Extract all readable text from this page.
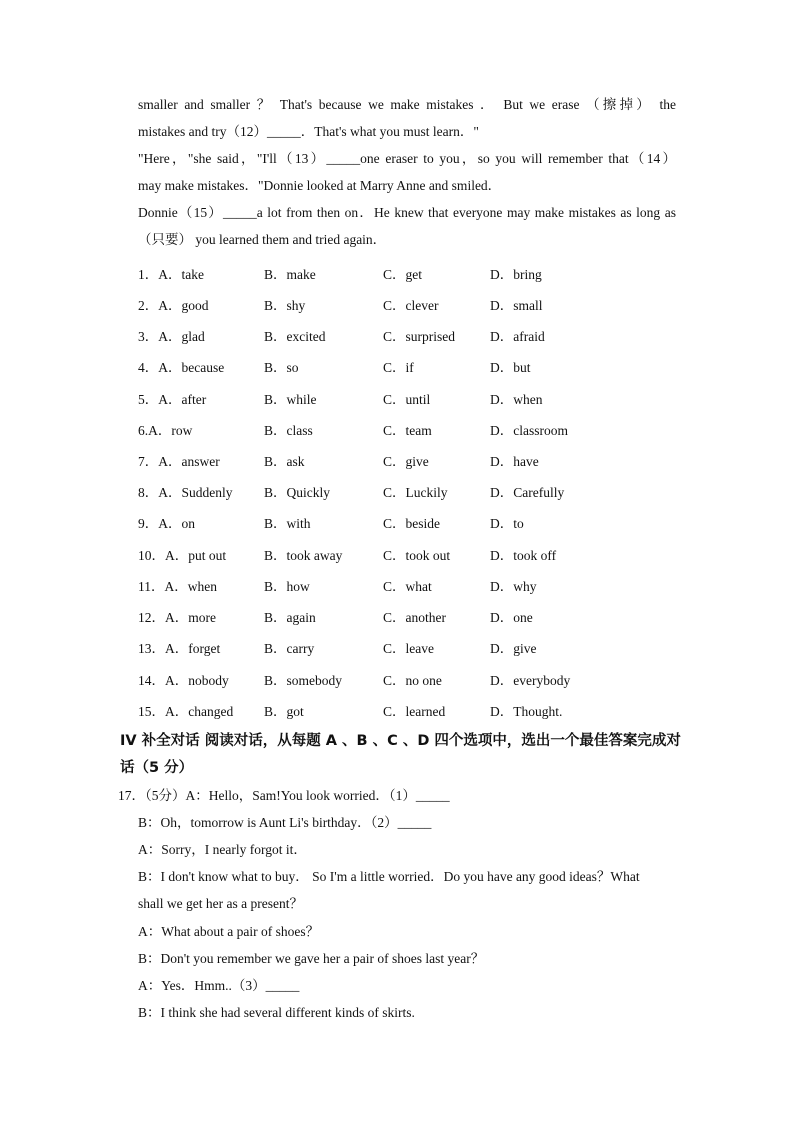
smaller and smaller ？ That's because we make mistakes ． But we erase （擦掉） the
mistakes and try（12）_____．That's what you must learn．"
"Here，"she said，"I'll（13）_____one eraser to you，so you will remember that（14）
may make mistakes．"Donnie looked at Marry Anne and smiled．
Donnie（15）_____a lot from then on．He knew that everyone may make mistakes as long as
（只要） you learned them and tried again．
1．A．take	B．make	C．get	D．bring
2．A．good	B．shy	C．clever	D．small
3．A．glad	B．excited	C．surprised	D．afraid
4．A．because	B．so	C．if	D．but
5．A．after	B．while	C．until	D．when
6.A．row	B．class	C．team	D．classroom
7．A．answer	B．ask	C．give	D．have
8．A．Suddenly B．Quickly	C．Luckily	D．Carefully
9．A．on	B．with	C．beside	D．to
10．A．put out	B．took away	C．took out	D．took off
11．A．when	B．how	C．what	D．why
12．A．more	B．again	C．another	D．one
13．A．forget	B．carry	C．leave	D．give
14．A．nobody	B．somebody	C．no one	D．everybody
15．A．changed B．got	C．learned	D．Thought.
IV 补全对话 阅读对话，从每题 A 、B 、C 、D 四个选项中，选出一个最佳答案完成对
话（5 分）
17．（5分）A：Hello，Sam!You look worried．（1）_____
B：Oh，tomorrow is Aunt Li's birthday．（2）_____
A：Sorry，I nearly forgot it．
B：I don't know what to buy． So I'm a little worried．Do you have any good ideas？What
shall we get her as a present？
A：What about a pair of shoes？
B：Don't you remember we gave her a pair of shoes last year？
A：Yes．Hmm..（3）_____
B：I think she had several different kinds of skirts.
